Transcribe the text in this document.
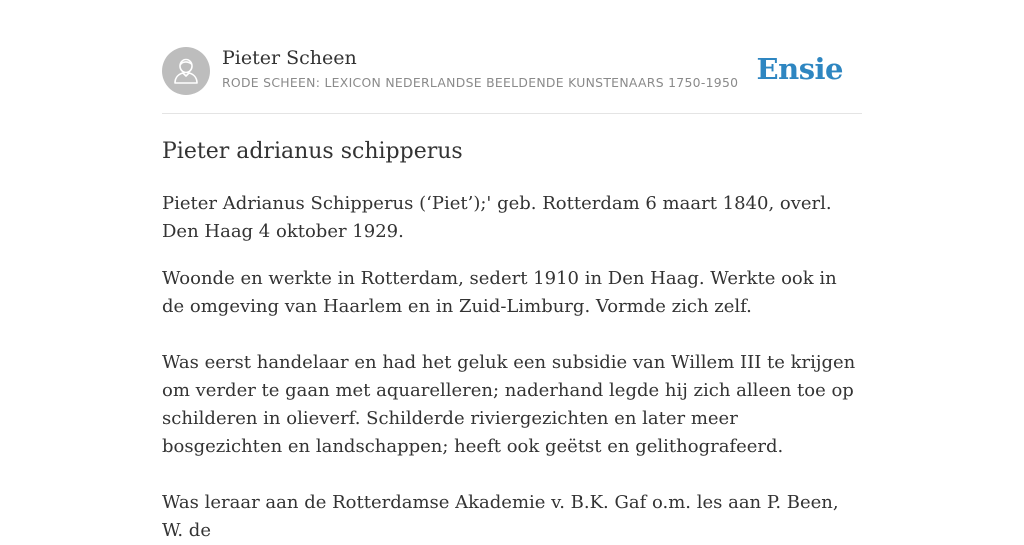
Pieter Scheen
RODE SCHEEN: LEXICON NEDERLANDSE BEELDENDE KUNSTENAARS 1750-1950 Ensie
Pieter adrianus schipperus

Pieter Adrianus Schipperus (‘Piet’);' geb. Rotterdam 6 maart 1840, overl. Den Haag 4 oktober 1929.

Woonde en werkte in Rotterdam, sedert 1910 in Den Haag. Werkte ook in de omgeving van Haarlem en in Zuid-Limburg. Vormde zich zelf.

Was eerst handelaar en had het geluk een subsidie van Willem III te krijgen om verder te gaan met aquarelleren; naderhand legde hij zich alleen toe op schilderen in olieverf. Schilderde riviergezichten en later meer bosgezichten en landschappen; heeft ook geëtst en gelithografeerd.

Was leraar aan de Rotterdamse Akademie v. B.K. Gaf o.m. les aan P. Been, W. de
